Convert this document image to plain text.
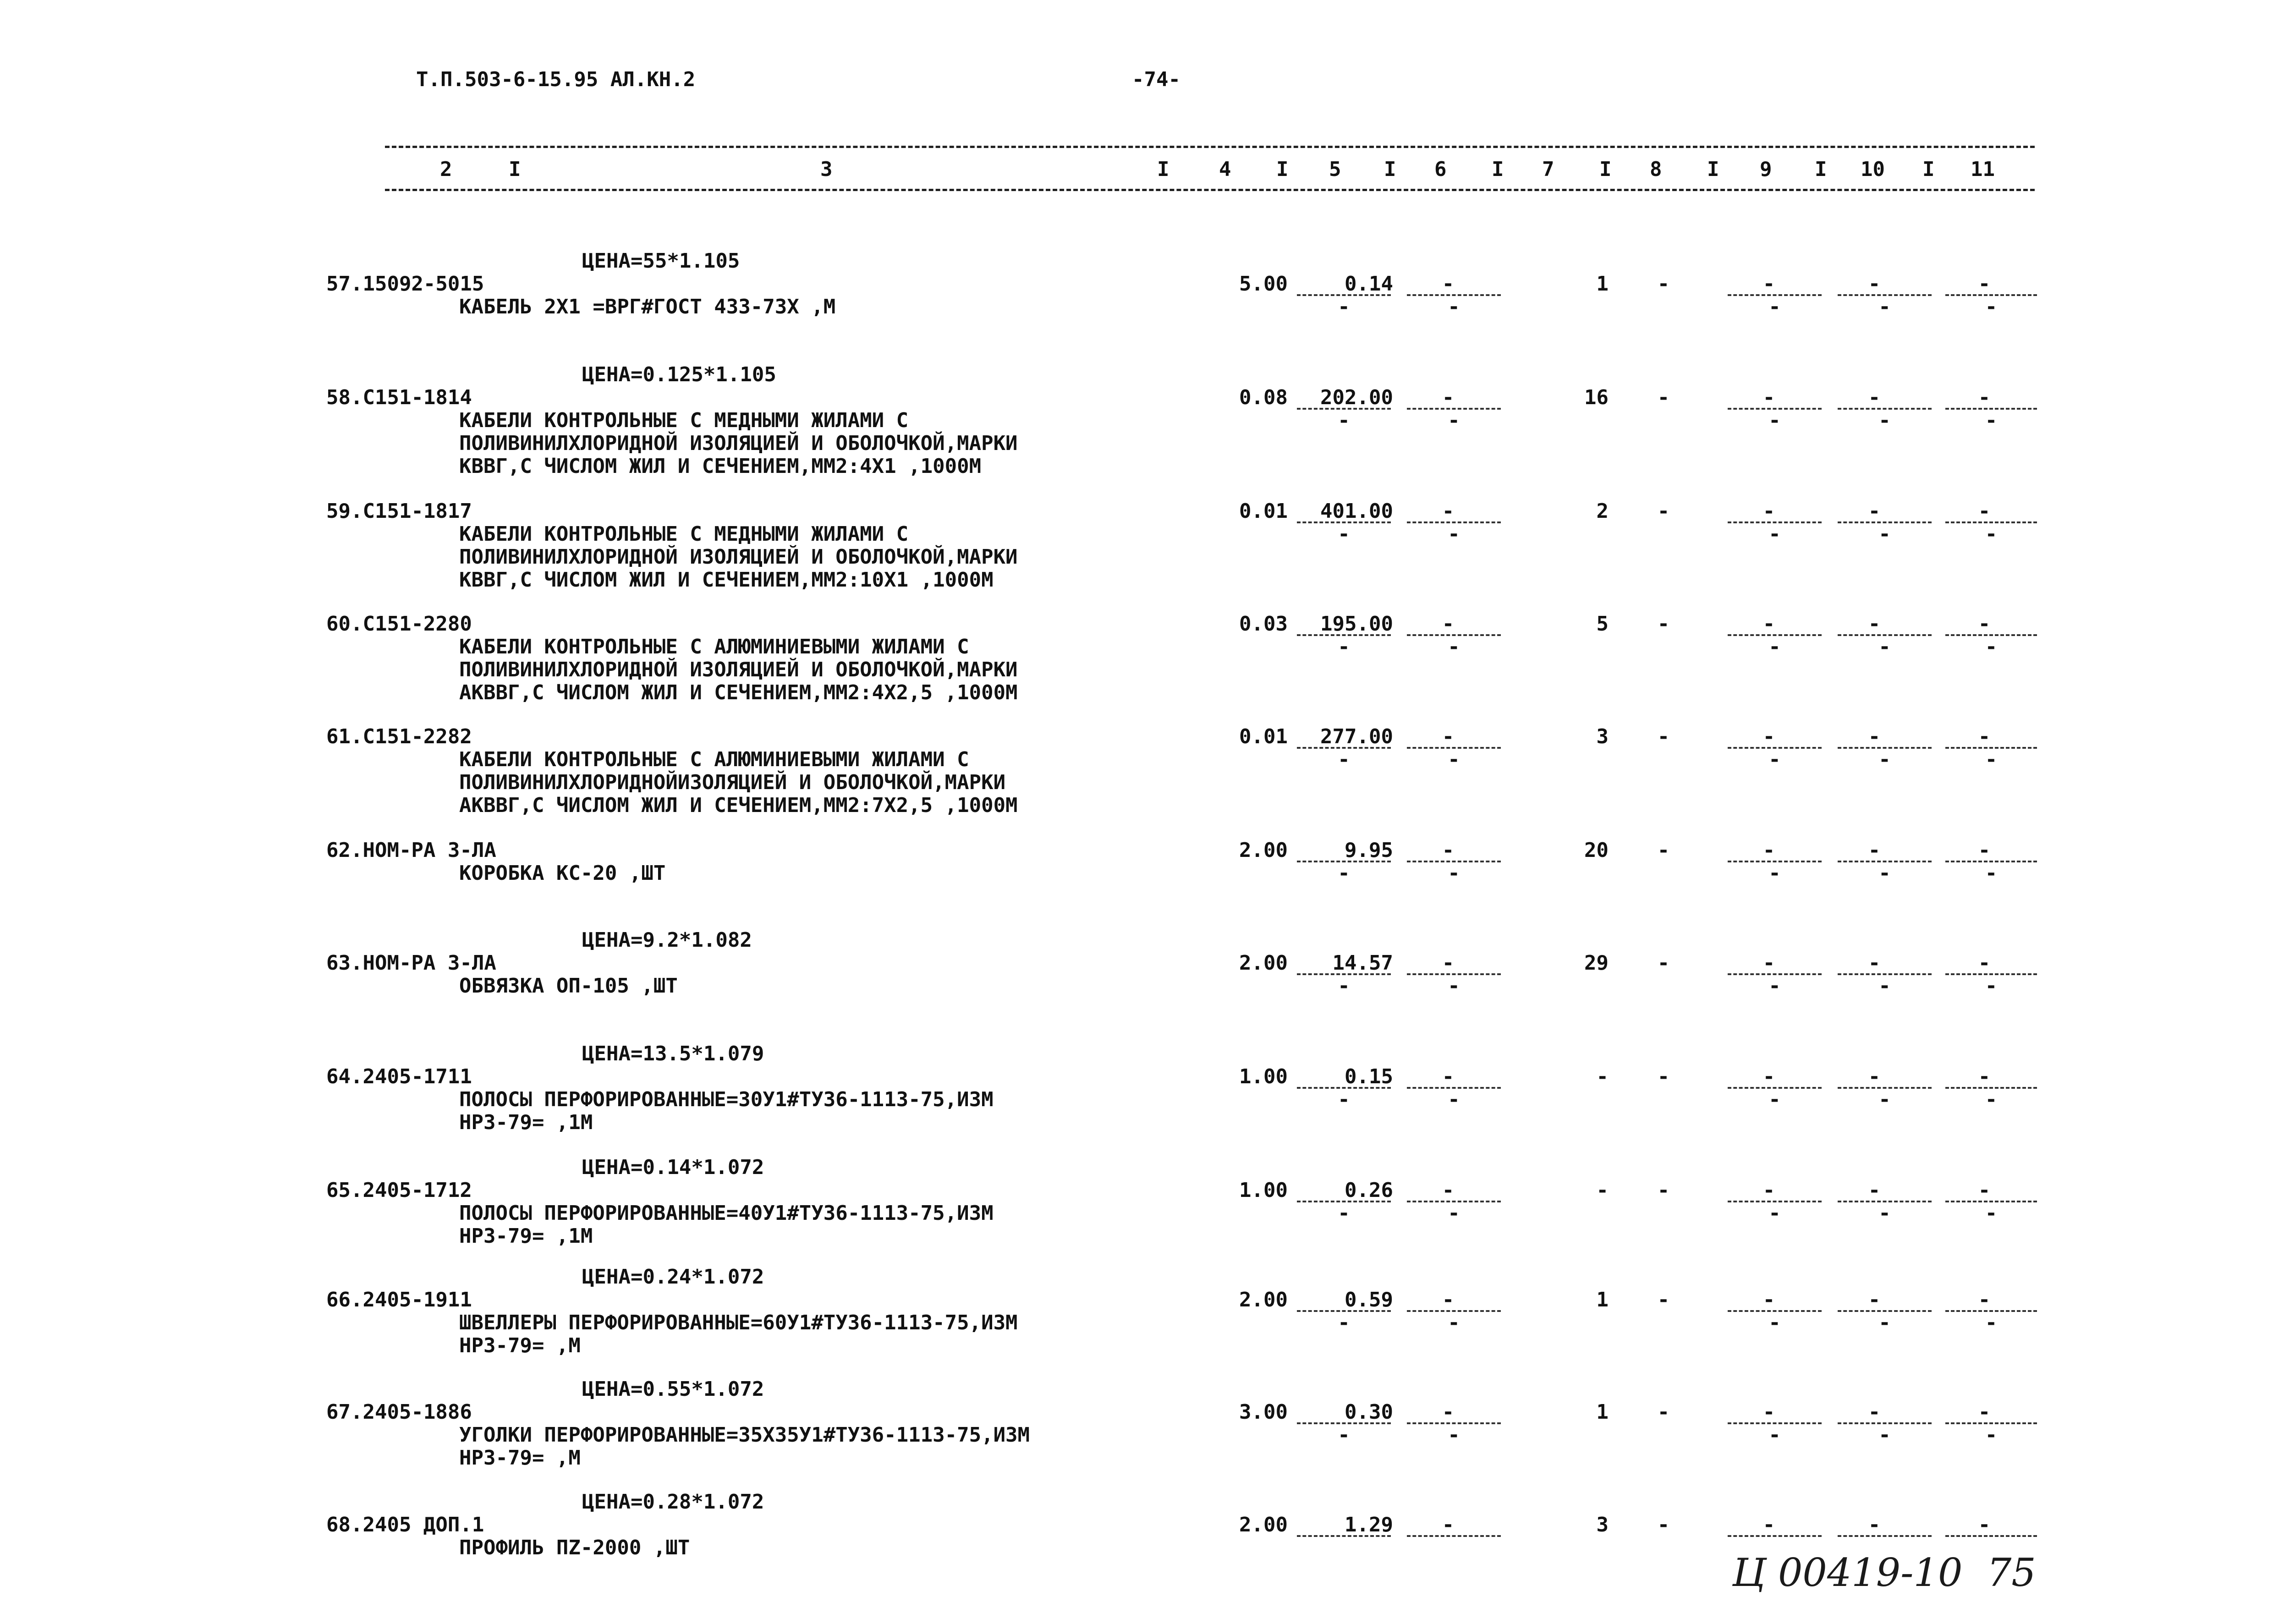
Т.П.503-6-15.95 АЛ.КН.2	-74-
2	3	4	5	6	7	8	9	10	11
I	I	I	I	I	I	I	I	I
ЦЕНА=55*1.105
57.15092-5015
КАБЕЛЬ 2Х1 =ВРГ#ГОСТ 433-73Х ,М
5.00	0.14	-	1	-	-	-	-
-	-	-	-	-
ЦЕНА=0.125*1.105
58.С151-1814
КАБЕЛИ КОНТРОЛЬНЫЕ С МЕДНЫМИ ЖИЛАМИ С
ПОЛИВИНИЛХЛОРИДНОЙ ИЗОЛЯЦИЕЙ И ОБОЛОЧКОЙ,МАРКИ
КВВГ,С ЧИСЛОМ ЖИЛ И СЕЧЕНИЕМ,ММ2:4Х1 ,1000М
0.08	202.00	-	16	-	-	-	-
-	-	-	-	-
59.С151-1817
КАБЕЛИ КОНТРОЛЬНЫЕ С МЕДНЫМИ ЖИЛАМИ С
ПОЛИВИНИЛХЛОРИДНОЙ ИЗОЛЯЦИЕЙ И ОБОЛОЧКОЙ,МАРКИ
КВВГ,С ЧИСЛОМ ЖИЛ И СЕЧЕНИЕМ,ММ2:10Х1 ,1000М
0.01	401.00	-	2	-	-	-	-
-	-	-	-	-
60.С151-2280
КАБЕЛИ КОНТРОЛЬНЫЕ С АЛЮМИНИЕВЫМИ ЖИЛАМИ С
ПОЛИВИНИЛХЛОРИДНОЙ ИЗОЛЯЦИЕЙ И ОБОЛОЧКОЙ,МАРКИ
АКВВГ,С ЧИСЛОМ ЖИЛ И СЕЧЕНИЕМ,ММ2:4Х2,5 ,1000М
0.03	195.00	-	5	-	-	-	-
-	-	-	-	-
61.С151-2282
КАБЕЛИ КОНТРОЛЬНЫЕ С АЛЮМИНИЕВЫМИ ЖИЛАМИ С
ПОЛИВИНИЛХЛОРИДНОЙИЗОЛЯЦИЕЙ И ОБОЛОЧКОЙ,МАРКИ
АКВВГ,С ЧИСЛОМ ЖИЛ И СЕЧЕНИЕМ,ММ2:7Х2,5 ,1000М
0.01	277.00	-	3	-	-	-	-
-	-	-	-	-
62.НОМ-РА 3-ЛА
КОРОБКА КС-20 ,ШТ
2.00	9.95	-	20	-	-	-	-
-	-	-	-	-
ЦЕНА=9.2*1.082
63.НОМ-РА 3-ЛА
ОБВЯЗКА ОП-105 ,ШТ
2.00	14.57	-	29	-	-	-	-
-	-	-	-	-
ЦЕНА=13.5*1.079
64.2405-1711
ПОЛОСЫ ПЕРФОРИРОВАННЫЕ=30У1#ТУ36-1113-75,ИЗМ
НР3-79= ,1М
1.00	0.15	-	-	-	-	-	-
-	-	-	-	-
ЦЕНА=0.14*1.072
65.2405-1712
ПОЛОСЫ ПЕРФОРИРОВАННЫЕ=40У1#ТУ36-1113-75,ИЗМ
НР3-79= ,1М
1.00	0.26	-	-	-	-	-	-
-	-	-	-	-
ЦЕНА=0.24*1.072
66.2405-1911
ШВЕЛЛЕРЫ ПЕРФОРИРОВАННЫЕ=60У1#ТУ36-1113-75,ИЗМ
НР3-79= ,М
2.00	0.59	-	1	-	-	-	-
-	-	-	-	-
ЦЕНА=0.55*1.072
67.2405-1886
УГОЛКИ ПЕРФОРИРОВАННЫЕ=35Х35У1#ТУ36-1113-75,ИЗМ
НР3-79= ,М
3.00	0.30	-	1	-	-	-	-
-	-	-	-	-
ЦЕНА=0.28*1.072
68.2405 ДОП.1
ПРОФИЛЬ ПZ-2000 ,ШТ
2.00	1.29	-	3	-	-	-	-
Ц 00419-10  75
